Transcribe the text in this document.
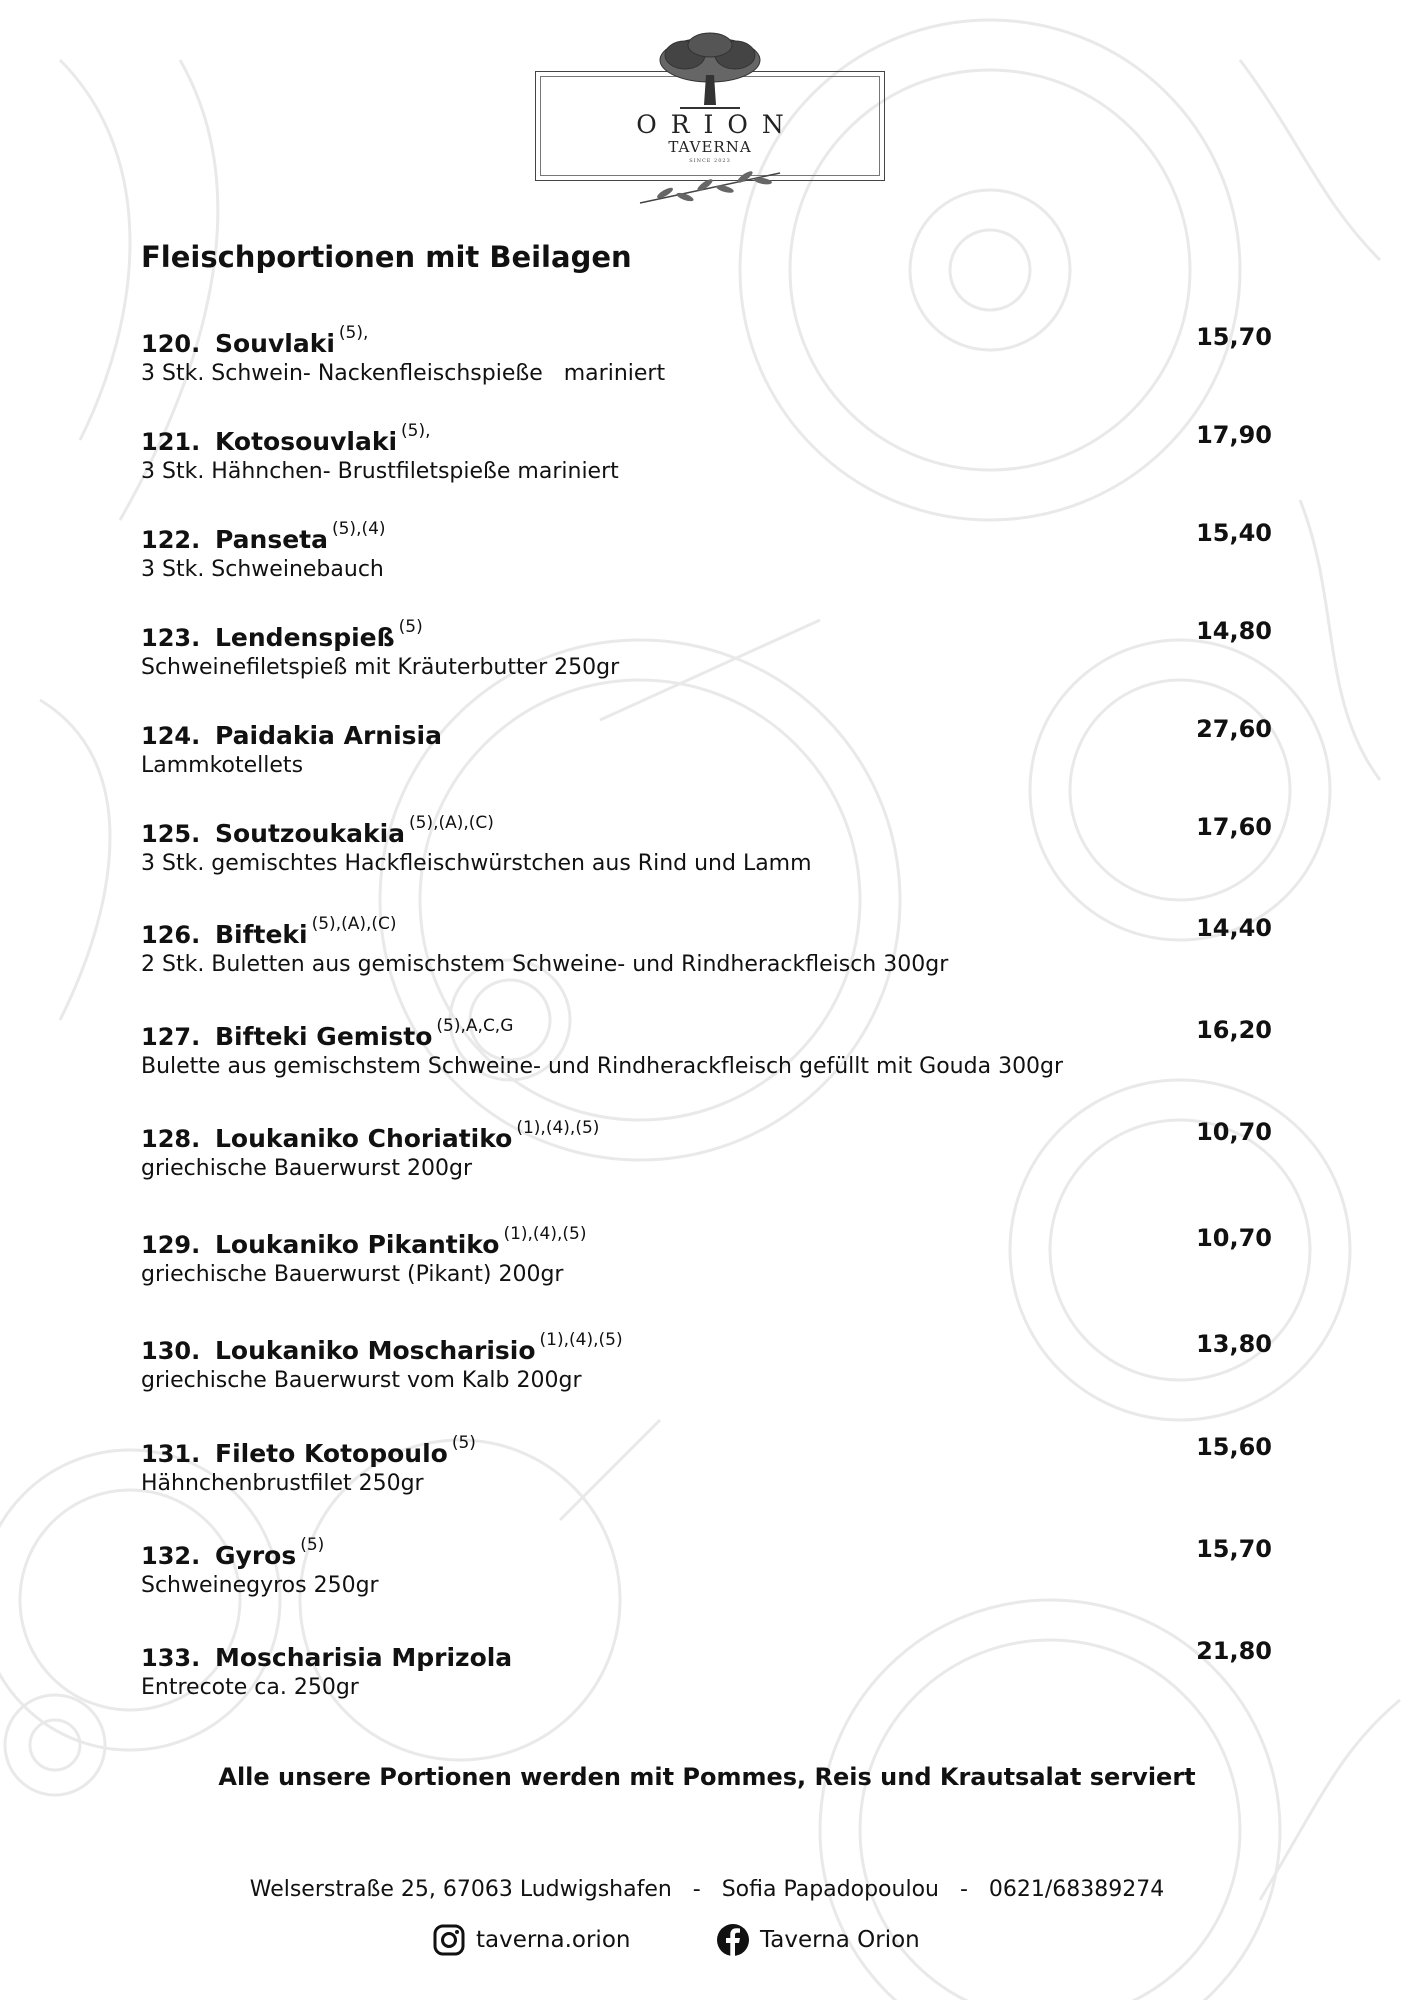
ORION
TAVERNA
SINCE 2023
Fleischportionen mit Beilagen
120. Souvlaki (5),	15,70
3 Stk. Schwein- Nackenfleischspieße   mariniert
121. Kotosouvlaki (5),	17,90
3 Stk. Hähnchen- Brustfiletspieße mariniert
122. Panseta (5),(4)	15,40
3 Stk. Schweinebauch
123. Lendenspieß (5)	14,80
Schweinefiletspieß mit Kräuterbutter 250gr
124. Paidakia Arnisia	27,60
Lammkotellets
125. Soutzoukakia (5),(A),(C)	17,60
3 Stk. gemischtes Hackfleischwürstchen aus Rind und Lamm
126. Bifteki (5),(A),(C)	14,40
2 Stk. Buletten aus gemischstem Schweine- und Rindherackfleisch 300gr
127. Bifteki Gemisto (5),A,C,G	16,20
Bulette aus gemischstem Schweine- und Rindherackfleisch gefüllt mit Gouda 300gr
128. Loukaniko Choriatiko (1),(4),(5)	10,70
griechische Bauerwurst 200gr
129. Loukaniko Pikantiko (1),(4),(5)	10,70
griechische Bauerwurst (Pikant) 200gr
130. Loukaniko Moscharisio (1),(4),(5)	13,80
griechische Bauerwurst vom Kalb 200gr
131. Fileto Kotopoulo (5)	15,60
Hähnchenbrustfilet 250gr
132. Gyros (5)	15,70
Schweinegyros 250gr
133. Moscharisia Mprizola	21,80
Entrecote ca. 250gr
Alle unsere Portionen werden mit Pommes, Reis und Krautsalat serviert
Welserstraße 25, 67063 Ludwigshafen   -   Sofia Papadopoulou   -   0621/68389274
taverna.orion	Taverna Orion
